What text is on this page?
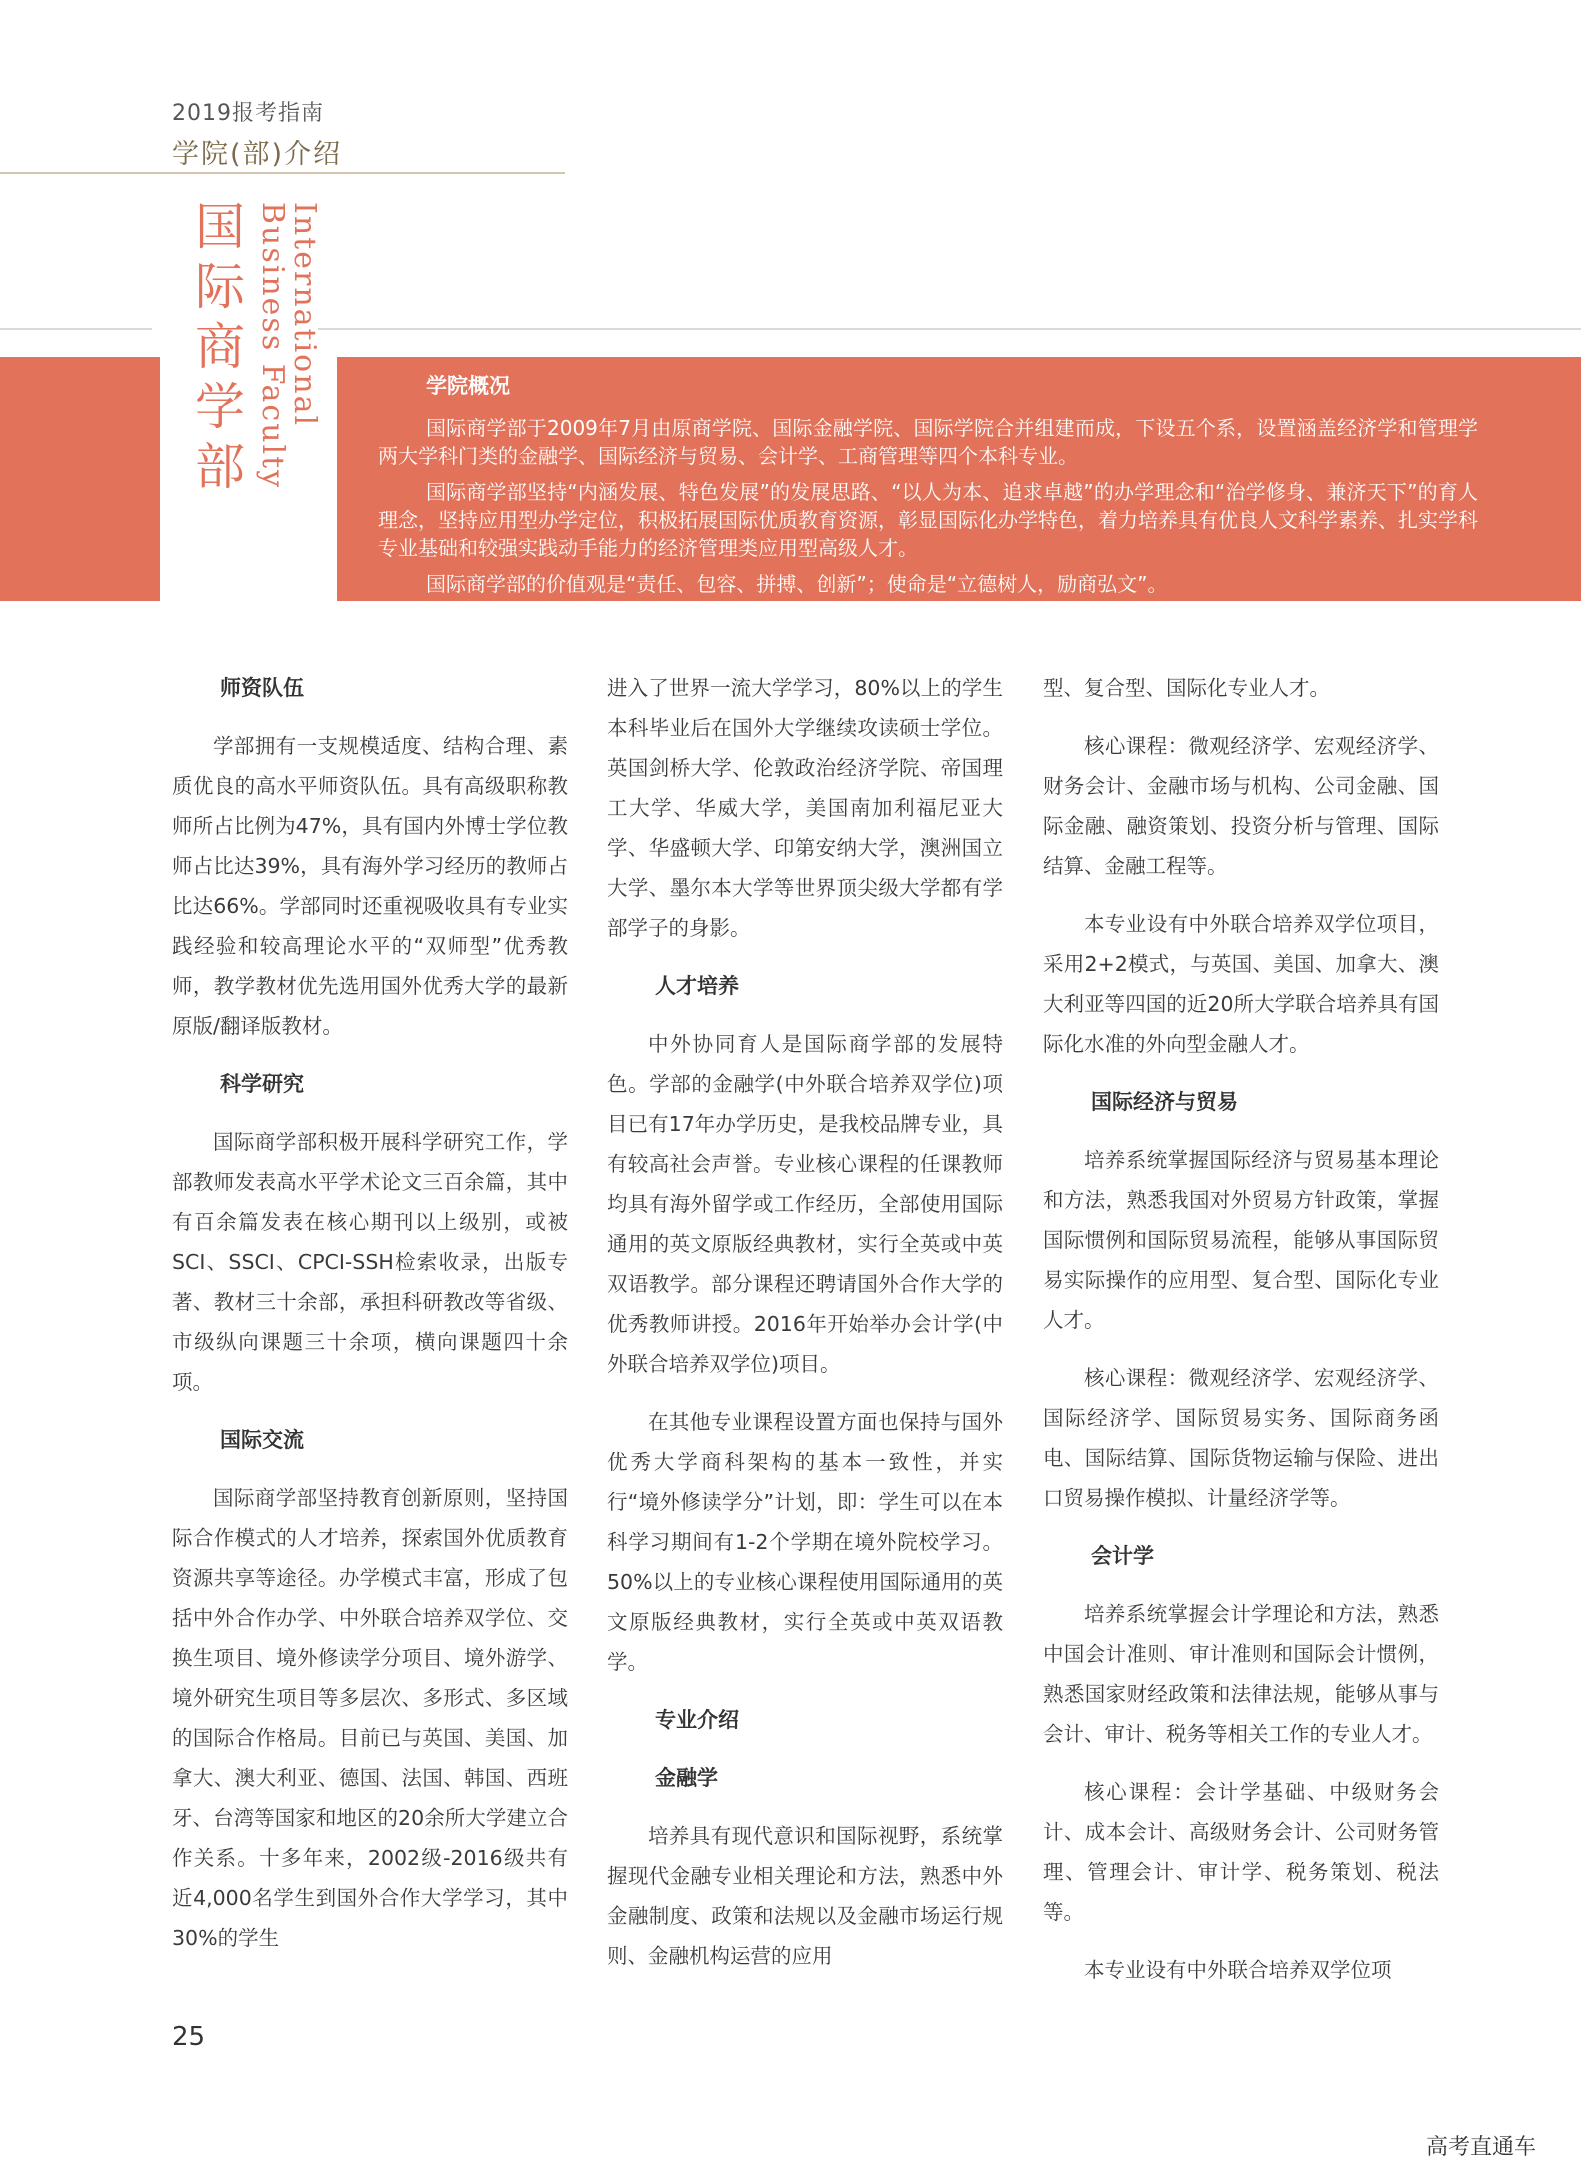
2019报考指南
学院(部)介绍
国际商学部	International
Business Faculty	学院概况

国际商学部于2009年7月由原商学院、国际金融学院、国际学院合并组建而成，下设五个系，设置涵盖经济学和管理学两大学科门类的金融学、国际经济与贸易、会计学、工商管理等四个本科专业。

国际商学部坚持“内涵发展、特色发展”的发展思路、“以人为本、追求卓越”的办学理念和“治学修身、兼济天下”的育人理念，坚持应用型办学定位，积极拓展国际优质教育资源，彰显国际化办学特色，着力培养具有优良人文科学素养、扎实学科专业基础和较强实践动手能力的经济管理类应用型高级人才。

国际商学部的价值观是“责任、包容、拼搏、创新”；使命是“立德树人，励商弘文”。

师资队伍

学部拥有一支规模适度、结构合理、素质优良的高水平师资队伍。具有高级职称教师所占比例为47%，具有国内外博士学位教师占比达39%，具有海外学习经历的教师占比达66%。学部同时还重视吸收具有专业实践经验和较高理论水平的“双师型”优秀教师，教学教材优先选用国外优秀大学的最新原版/翻译版教材。

科学研究

国际商学部积极开展科学研究工作，学部教师发表高水平学术论文三百余篇，其中有百余篇发表在核心期刊以上级别，或被SCI、SSCI、CPCI-SSH检索收录，出版专著、教材三十余部，承担科研教改等省级、市级纵向课题三十余项，横向课题四十余项。

国际交流

国际商学部坚持教育创新原则，坚持国际合作模式的人才培养，探索国外优质教育资源共享等途径。办学模式丰富，形成了包括中外合作办学、中外联合培养双学位、交换生项目、境外修读学分项目、境外游学、境外研究生项目等多层次、多形式、多区域的国际合作格局。目前已与英国、美国、加拿大、澳大利亚、德国、法国、韩国、西班牙、台湾等国家和地区的20余所大学建立合作关系。十多年来，2002级-2016级共有近4,000名学生到国外合作大学学习，其中30%的学生

进入了世界一流大学学习，80%以上的学生本科毕业后在国外大学继续攻读硕士学位。英国剑桥大学、伦敦政治经济学院、帝国理工大学、华威大学，美国南加利福尼亚大学、华盛顿大学、印第安纳大学，澳洲国立大学、墨尔本大学等世界顶尖级大学都有学部学子的身影。

人才培养

中外协同育人是国际商学部的发展特色。学部的金融学(中外联合培养双学位)项目已有17年办学历史，是我校品牌专业，具有较高社会声誉。专业核心课程的任课教师均具有海外留学或工作经历，全部使用国际通用的英文原版经典教材，实行全英或中英双语教学。部分课程还聘请国外合作大学的优秀教师讲授。2016年开始举办会计学(中外联合培养双学位)项目。

在其他专业课程设置方面也保持与国外优秀大学商科架构的基本一致性，并实行“境外修读学分”计划，即：学生可以在本科学习期间有1-2个学期在境外院校学习。50%以上的专业核心课程使用国际通用的英文原版经典教材，实行全英或中英双语教学。

专业介绍
金融学

培养具有现代意识和国际视野，系统掌握现代金融专业相关理论和方法，熟悉中外金融制度、政策和法规以及金融市场运行规则、金融机构运营的应用

型、复合型、国际化专业人才。

核心课程：微观经济学、宏观经济学、财务会计、金融市场与机构、公司金融、国际金融、融资策划、投资分析与管理、国际结算、金融工程等。

本专业设有中外联合培养双学位项目，采用2+2模式，与英国、美国、加拿大、澳大利亚等四国的近20所大学联合培养具有国际化水准的外向型金融人才。

国际经济与贸易

培养系统掌握国际经济与贸易基本理论和方法，熟悉我国对外贸易方针政策，掌握国际惯例和国际贸易流程，能够从事国际贸易实际操作的应用型、复合型、国际化专业人才。

核心课程：微观经济学、宏观经济学、国际经济学、国际贸易实务、国际商务函电、国际结算、国际货物运输与保险、进出口贸易操作模拟、计量经济学等。

会计学

培养系统掌握会计学理论和方法，熟悉中国会计准则、审计准则和国际会计惯例，熟悉国家财经政策和法律法规，能够从事与会计、审计、税务等相关工作的专业人才。

核心课程：会计学基础、中级财务会计、成本会计、高级财务会计、公司财务管理、管理会计、审计学、税务策划、税法等。

本专业设有中外联合培养双学位项

25
高考直通车
